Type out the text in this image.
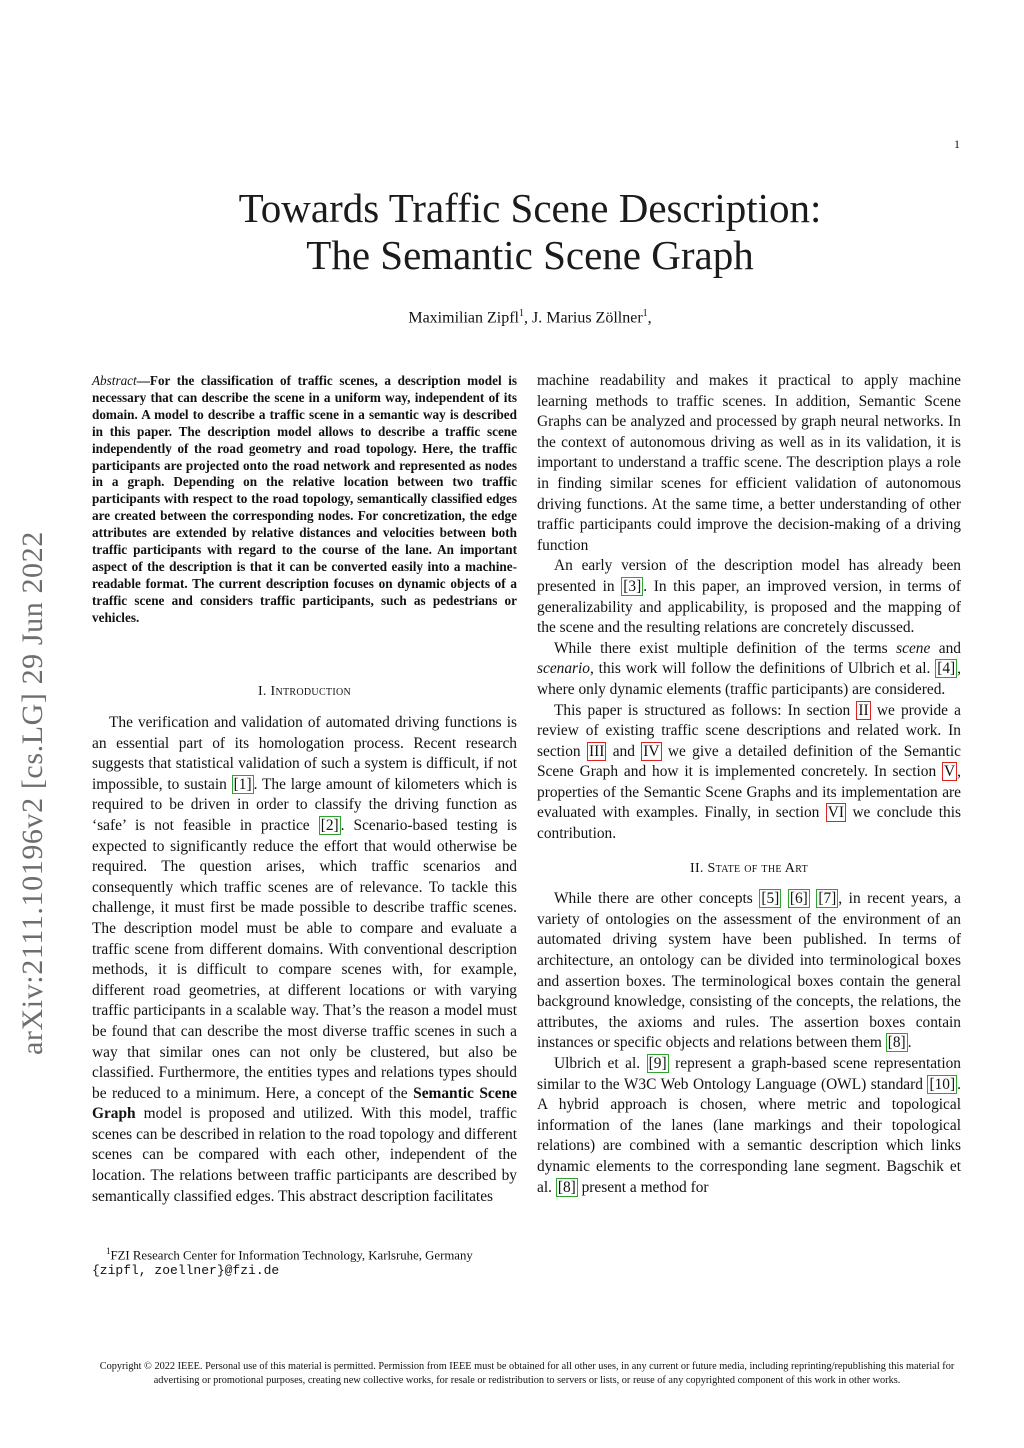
1
arXiv:2111.10196v2 [cs.LG] 29 Jun 2022
Towards Traffic Scene Description:
The Semantic Scene Graph
Maximilian Zipfl$^1$, J. Marius Zöllner$^1$,
Abstract—For the classification of traffic scenes, a description model is necessary that can describe the scene in a uniform way, independent of its domain. A model to describe a traffic scene in a semantic way is described in this paper. The description model allows to describe a traffic scene independently of the road geometry and road topology. Here, the traffic participants are projected onto the road network and represented as nodes in a graph. Depending on the relative location between two traffic participants with respect to the road topology, semantically classified edges are created between the corresponding nodes. For concretization, the edge attributes are extended by relative distances and velocities between both traffic participants with regard to the course of the lane. An important aspect of the description is that it can be converted easily into a machine-readable format. The current description focuses on dynamic objects of a traffic scene and considers traffic participants, such as pedestrians or vehicles.
I. Introduction

The verification and validation of automated driving functions is an essential part of its homologation process. Recent research suggests that statistical validation of such a system is difficult, if not impossible, to sustain [1] . The large amount of kilometers which is required to be driven in order to classify the driving function as ‘safe’ is not feasible in practice [2] . Scenario-based testing is expected to significantly reduce the effort that would otherwise be required. The question arises, which traffic scenarios and consequently which traffic scenes are of relevance. To tackle this challenge, it must first be made possible to describe traffic scenes. The description model must be able to compare and evaluate a traffic scene from different domains. With conventional description methods, it is difficult to compare scenes with, for example, different road geometries, at different locations or with varying traffic participants in a scalable way. That’s the reason a model must be found that can describe the most diverse traffic scenes in such a way that similar ones can not only be clustered, but also be classified. Furthermore, the entities types and relations types should be reduced to a minimum. Here, a concept of the Semantic Scene Graph model is proposed and utilized. With this model, traffic scenes can be described in relation to the road topology and different scenes can be compared with each other, independent of the location. The relations between traffic participants are described by semantically classified edges. This abstract description facilitates

$^1$FZI Research Center for Information Technology, Karlsruhe, Germany
{zipfl, zoellner}@fzi.de

machine readability and makes it practical to apply machine learning methods to traffic scenes. In addition, Semantic Scene Graphs can be analyzed and processed by graph neural networks. In the context of autonomous driving as well as in its validation, it is important to understand a traffic scene. The description plays a role in finding similar scenes for efficient validation of autonomous driving functions. At the same time, a better understanding of other traffic participants could improve the decision-making of a driving function

An early version of the description model has already been presented in [3] . In this paper, an improved version, in terms of generalizability and applicability, is proposed and the mapping of the scene and the resulting relations are concretely discussed.

While there exist multiple definition of the terms scene and scenario, this work will follow the definitions of Ulbrich et al. [4] , where only dynamic elements (traffic participants) are considered.

This paper is structured as follows: In section II we provide a review of existing traffic scene descriptions and related work. In section III and IV we give a detailed definition of the Semantic Scene Graph and how it is implemented concretely. In section V , properties of the Semantic Scene Graphs and its implementation are evaluated with examples. Finally, in section VI we conclude this contribution.

II. State of the Art

While there are other concepts [5] [6] [7] , in recent years, a variety of ontologies on the assessment of the environment of an automated driving system have been published. In terms of architecture, an ontology can be divided into terminological boxes and assertion boxes. The terminological boxes contain the general background knowledge, consisting of the concepts, the relations, the attributes, the axioms and rules. The assertion boxes contain instances or specific objects and relations between them [8] .

Ulbrich et al. [9] represent a graph-based scene representation similar to the W3C Web Ontology Language (OWL) standard [10] . A hybrid approach is chosen, where metric and topological information of the lanes (lane markings and their topological relations) are combined with a semantic description which links dynamic elements to the corresponding lane segment. Bagschik et al. [8] present a method for

Copyright © 2022 IEEE. Personal use of this material is permitted. Permission from IEEE must be obtained for all other uses, in any current or future media, including reprinting/republishing this material for advertising or promotional purposes, creating new collective works, for resale or redistribution to servers or lists, or reuse of any copyrighted component of this work in other works.
